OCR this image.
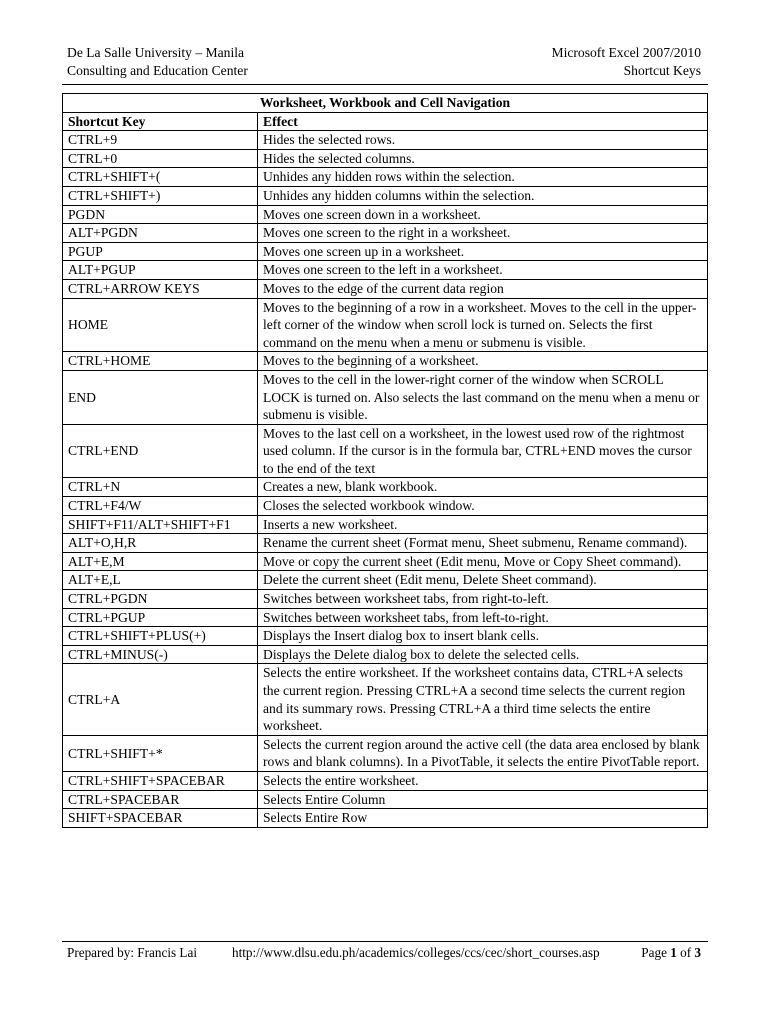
De La Salle University – Manila
Consulting and Education Center
Microsoft Excel 2007/2010
Shortcut Keys
Worksheet, Workbook and Cell Navigation	
Shortcut Key	Effect
CTRL+9	Hides the selected rows.
CTRL+0	Hides the selected columns.
CTRL+SHIFT+(	Unhides any hidden rows within the selection.
CTRL+SHIFT+)	Unhides any hidden columns within the selection.
PGDN	Moves one screen down in a worksheet.
ALT+PGDN	Moves one screen to the right in a worksheet.
PGUP	Moves one screen up in a worksheet.
ALT+PGUP	Moves one screen to the left in a worksheet.
CTRL+ARROW KEYS	Moves to the edge of the current data region
HOME	Moves to the beginning of a row in a worksheet. Moves to the cell in the upper-left corner of the window when scroll lock is turned on. Selects the first command on the menu when a menu or submenu is visible.
CTRL+HOME	Moves to the beginning of a worksheet.
END	Moves to the cell in the lower-right corner of the window when SCROLL LOCK is turned on. Also selects the last command on the menu when a menu or submenu is visible.
CTRL+END	Moves to the last cell on a worksheet, in the lowest used row of the rightmost used column. If the cursor is in the formula bar, CTRL+END moves the cursor to the end of the text
CTRL+N	Creates a new, blank workbook.
CTRL+F4/W	Closes the selected workbook window.
SHIFT+F11/ALT+SHIFT+F1	Inserts a new worksheet.
ALT+O,H,R	Rename the current sheet (Format menu, Sheet submenu, Rename command).
ALT+E,M	Move or copy the current sheet (Edit menu, Move or Copy Sheet command).
ALT+E,L	Delete the current sheet (Edit menu, Delete Sheet command).
CTRL+PGDN	Switches between worksheet tabs, from right-to-left.
CTRL+PGUP	Switches between worksheet tabs, from left-to-right.
CTRL+SHIFT+PLUS(+)	Displays the Insert dialog box to insert blank cells.
CTRL+MINUS(-)	Displays the Delete dialog box to delete the selected cells.
CTRL+A	Selects the entire worksheet. If the worksheet contains data, CTRL+A selects the current region. Pressing CTRL+A a second time selects the current region and its summary rows. Pressing CTRL+A a third time selects the entire worksheet.
CTRL+SHIFT+*	Selects the current region around the active cell (the data area enclosed by blank rows and blank columns). In a PivotTable, it selects the entire PivotTable report.
CTRL+SHIFT+SPACEBAR	Selects the entire worksheet.
CTRL+SPACEBAR	Selects Entire Column
SHIFT+SPACEBAR	Selects Entire Row
Prepared by: Francis Lai	http://www.dlsu.edu.ph/academics/colleges/ccs/cec/short_courses.asp	Page 1 of 3
